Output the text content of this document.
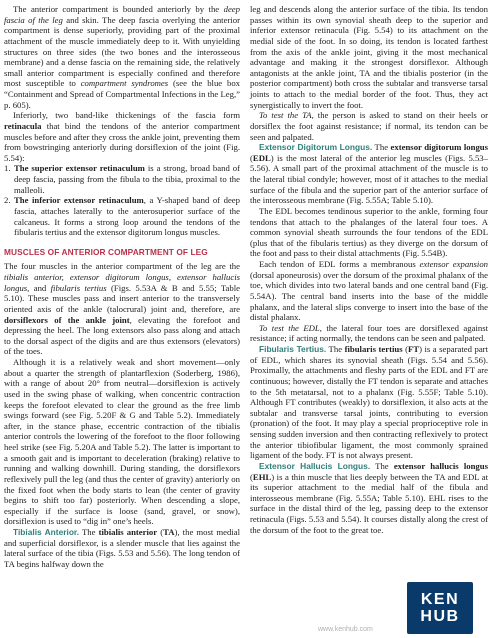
The anterior compartment is bounded anteriorly by the deep fascia of the leg and skin. The deep fascia overlying the anterior compartment is dense superiorly, providing part of the proximal attachment of the muscle immediately deep to it. With unyielding structures on three sides (the two bones and the interosseous membrane) and a dense fascia on the remaining side, the relatively small anterior compartment is especially confined and therefore most susceptible to compartment syndromes (see the blue box “Containment and Spread of Compartmental Infections in the Leg,” p. 605).

Inferiorly, two band-like thickenings of the fascia form retinacula that bind the tendons of the anterior compartment muscles before and after they cross the ankle joint, preventing them from bowstringing anteriorly during dorsiflexion of the joint (Fig. 5.54):

1. The superior extensor retinaculum is a strong, broad band of deep fascia, passing from the fibula to the tibia, proximal to the malleoli.
2. The inferior extensor retinaculum, a Y-shaped band of deep fascia, attaches laterally to the anterosuperior surface of the calcaneus. It forms a strong loop around the tendons of the fibularis tertius and the extensor digitorum longus muscles.
MUSCLES OF ANTERIOR COMPARTMENT OF LEG

The four muscles in the anterior compartment of the leg are the tibialis anterior, extensor digitorum longus, extensor hallucis longus, and fibularis tertius (Figs. 5.53A & B and 5.55; Table 5.10). These muscles pass and insert anterior to the transversely oriented axis of the ankle (talocrural) joint and, therefore, are dorsiflexors of the ankle joint, elevating the forefoot and depressing the heel. The long extensors also pass along and attach to the dorsal aspect of the digits and are thus extensors (elevators) of the toes.

Although it is a relatively weak and short movement—only about a quarter the strength of plantarflexion (Soderberg, 1986), with a range of about 20° from neutral—dorsiflexion is actively used in the swing phase of walking, when concentric contraction keeps the forefoot elevated to clear the ground as the free limb swings forward (see Fig. 5.20F & G and Table 5.2). Immediately after, in the stance phase, eccentric contraction of the tibialis anterior controls the lowering of the forefoot to the floor following heel strike (see Fig. 5.20A and Table 5.2). The latter is important to a smooth gait and is important to deceleration (braking) relative to running and walking downhill. During standing, the dorsiflexors reflexively pull the leg (and thus the center of gravity) anteriorly on the fixed foot when the body starts to lean (the center of gravity begins to shift too far) posteriorly. When descending a slope, especially if the surface is loose (sand, gravel, or snow), dorsiflexion is used to “dig in” one’s heels.

Tibialis Anterior. The tibialis anterior (TA), the most medial and superficial dorsiflexor, is a slender muscle that lies against the lateral surface of the tibia (Figs. 5.53 and 5.56). The long tendon of TA begins halfway down the

leg and descends along the anterior surface of the tibia. Its tendon passes within its own synovial sheath deep to the superior and inferior extensor retinacula (Fig. 5.54) to its attachment on the medial side of the foot. In so doing, its tendon is located farthest from the axis of the ankle joint, giving it the most mechanical advantage and making it the strongest dorsiflexor. Although antagonists at the ankle joint, TA and the tibialis posterior (in the posterior compartment) both cross the subtalar and transverse tarsal joints to attach to the medial border of the foot. Thus, they act synergistically to invert the foot.

To test the TA, the person is asked to stand on their heels or dorsiflex the foot against resistance; if normal, its tendon can be seen and palpated.

Extensor Digitorum Longus. The extensor digitorum longus (EDL) is the most lateral of the anterior leg muscles (Figs. 5.53–5.56). A small part of the proximal attachment of the muscle is to the lateral tibial condyle; however, most of it attaches to the medial surface of the fibula and the superior part of the anterior surface of the interosseous membrane (Fig. 5.55A; Table 5.10).

The EDL becomes tendinous superior to the ankle, forming four tendons that attach to the phalanges of the lateral four toes. A common synovial sheath surrounds the four tendons of the EDL (plus that of the fibularis tertius) as they diverge on the dorsum of the foot and pass to their distal attachments (Fig. 5.54B).

Each tendon of EDL forms a membranous extensor expansion (dorsal aponeurosis) over the dorsum of the proximal phalanx of the toe, which divides into two lateral bands and one central band (Fig. 5.54A). The central band inserts into the base of the middle phalanx, and the lateral slips converge to insert into the base of the distal phalanx.

To test the EDL, the lateral four toes are dorsiflexed against resistance; if acting normally, the tendons can be seen and palpated.

Fibularis Tertius. The fibularis tertius (FT) is a separated part of EDL, which shares its synovial sheath (Figs. 5.54 and 5.56). Proximally, the attachments and fleshy parts of the EDL and FT are continuous; however, distally the FT tendon is separate and attaches to the 5th metatarsal, not to a phalanx (Fig. 5.55F; Table 5.10). Although FT contributes (weakly) to dorsiflexion, it also acts at the subtalar and transverse tarsal joints, contributing to eversion (pronation) of the foot. It may play a special proprioceptive role in sensing sudden inversion and then contracting reflexively to protect the anterior tibiofibular ligament, the most commonly sprained ligament of the body. FT is not always present.

Extensor Hallucis Longus. The extensor hallucis longus (EHL) is a thin muscle that lies deeply between the TA and EDL at its superior attachment to the medial half of the fibula and interosseous membrane (Fig. 5.55A; Table 5.10). EHL rises to the surface in the distal third of the leg, passing deep to the extensor retinacula (Figs. 5.53 and 5.54). It courses distally along the crest of the dorsum of the foot to the great toe.

KEN
HUB
www.kenhub.com
